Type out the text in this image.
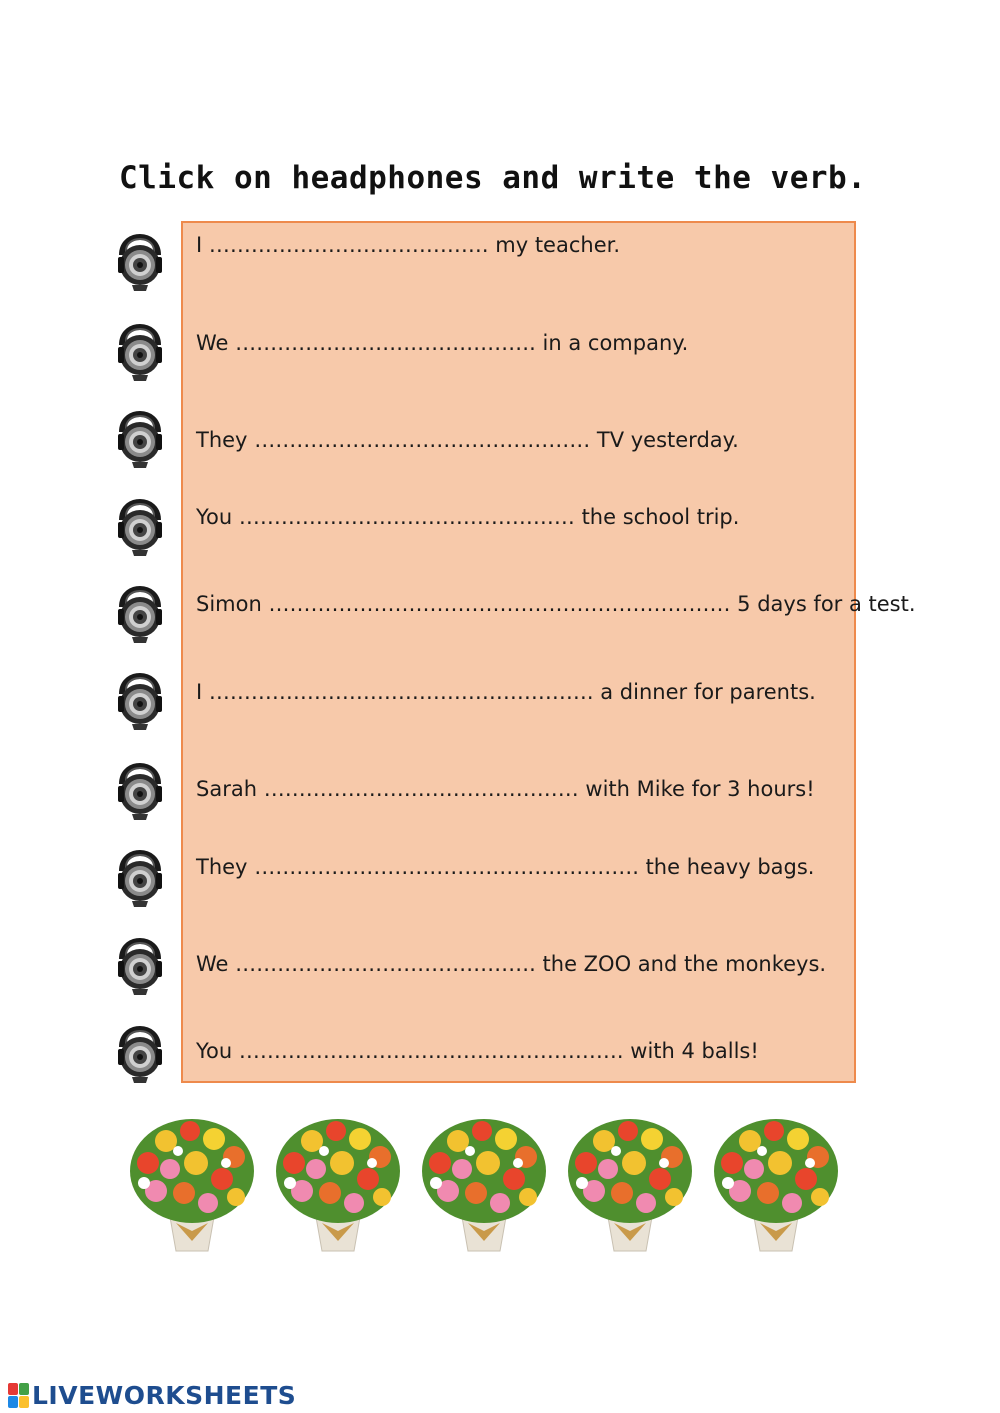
Click on headphones and write the verb.
I …………………………………. my teacher.
We ……………………………………. in a company.
They ………………………………………… TV yesterday.
You ………………………………………… the school trip.
Simon ………………………………………………………… 5 days for a test.
I ………………………………………………. a dinner for parents.
Sarah ……………………………………… with Mike for 3 hours!
They ………………………………………………. the heavy bags.
We ……………………………………. the ZOO and the monkeys.
You ………………………………………………. with 4 balls!
LIVEWORKSHEETS
